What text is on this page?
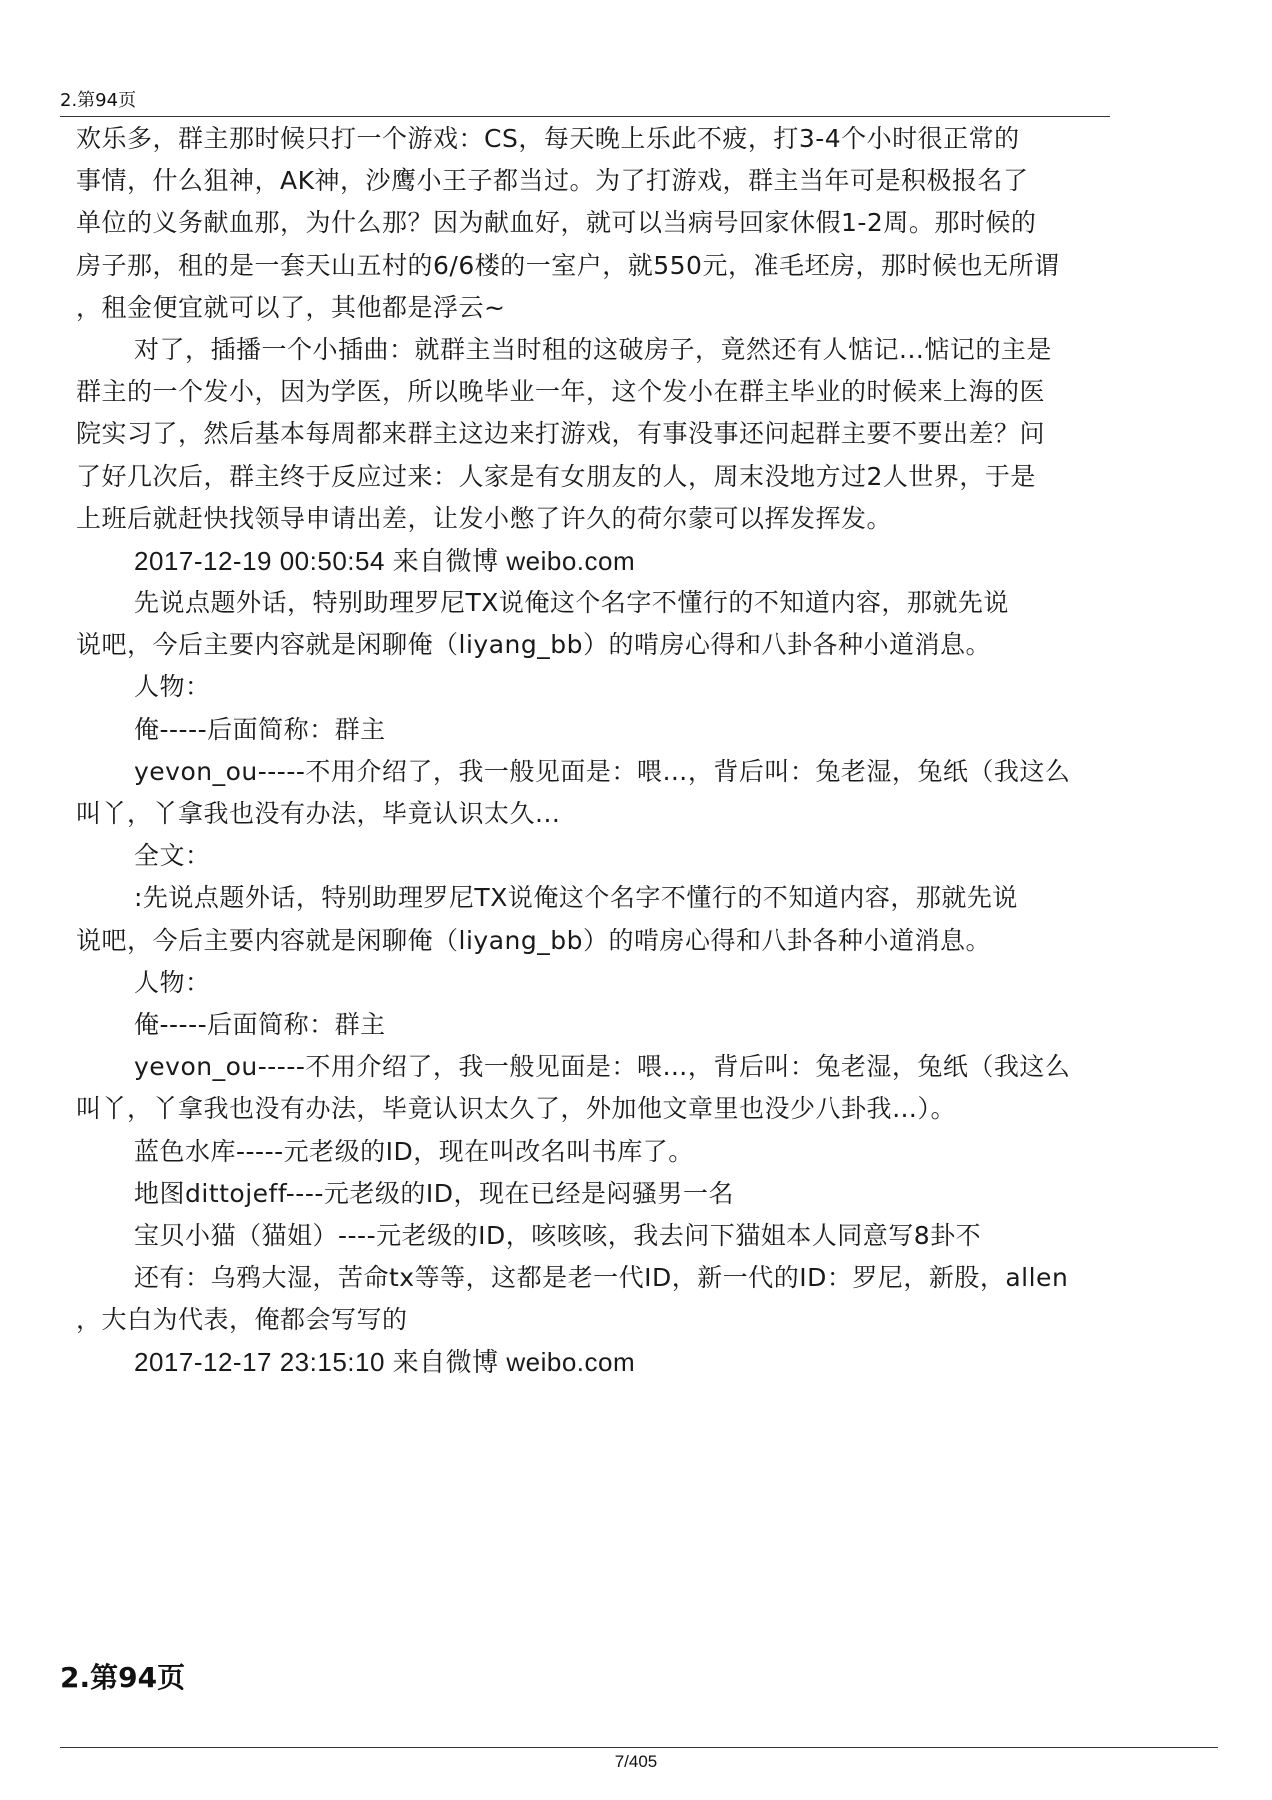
2.第94页
欢乐多，群主那时候只打一个游戏：CS，每天晚上乐此不疲，打3-4个小时很正常的
事情，什么狙神，AK神，沙鹰小王子都当过。为了打游戏，群主当年可是积极报名了
单位的义务献血那，为什么那？因为献血好，就可以当病号回家休假1-2周。那时候的
房子那，租的是一套天山五村的6/6楼的一室户，就550元，准毛坯房，那时候也无所谓
，租金便宜就可以了，其他都是浮云~
对了，插播一个小插曲：就群主当时租的这破房子，竟然还有人惦记...惦记的主是
群主的一个发小，因为学医，所以晚毕业一年，这个发小在群主毕业的时候来上海的医
院实习了，然后基本每周都来群主这边来打游戏，有事没事还问起群主要不要出差？问
了好几次后，群主终于反应过来：人家是有女朋友的人，周末没地方过2人世界，于是
上班后就赶快找领导申请出差，让发小憋了许久的荷尔蒙可以挥发挥发。
2017-12-19 00:50:54 来自微博 weibo.com
先说点题外话，特别助理罗尼TX说俺这个名字不懂行的不知道内容，那就先说
说吧，今后主要内容就是闲聊俺（liyang_bb）的啃房心得和八卦各种小道消息。
人物：
俺-----后面简称：群主
yevon_ou-----不用介绍了，我一般见面是：喂…，背后叫：兔老湿，兔纸（我这么
叫丫，丫拿我也没有办法，毕竟认识太久...
全文：
:先说点题外话，特别助理罗尼TX说俺这个名字不懂行的不知道内容，那就先说
说吧，今后主要内容就是闲聊俺（liyang_bb）的啃房心得和八卦各种小道消息。
人物：
俺-----后面简称：群主
yevon_ou-----不用介绍了，我一般见面是：喂…，背后叫：兔老湿，兔纸（我这么
叫丫，丫拿我也没有办法，毕竟认识太久了，外加他文章里也没少八卦我…）。
蓝色水库-----元老级的ID，现在叫改名叫书库了。
地图dittojeff----元老级的ID，现在已经是闷骚男一名
宝贝小猫（猫姐）----元老级的ID，咳咳咳，我去问下猫姐本人同意写8卦不
还有：乌鸦大湿，苦命tx等等，这都是老一代ID，新一代的ID：罗尼，新股，allen
，大白为代表，俺都会写写的
2017-12-17 23:15:10 来自微博 weibo.com
2.第94页
7/405
